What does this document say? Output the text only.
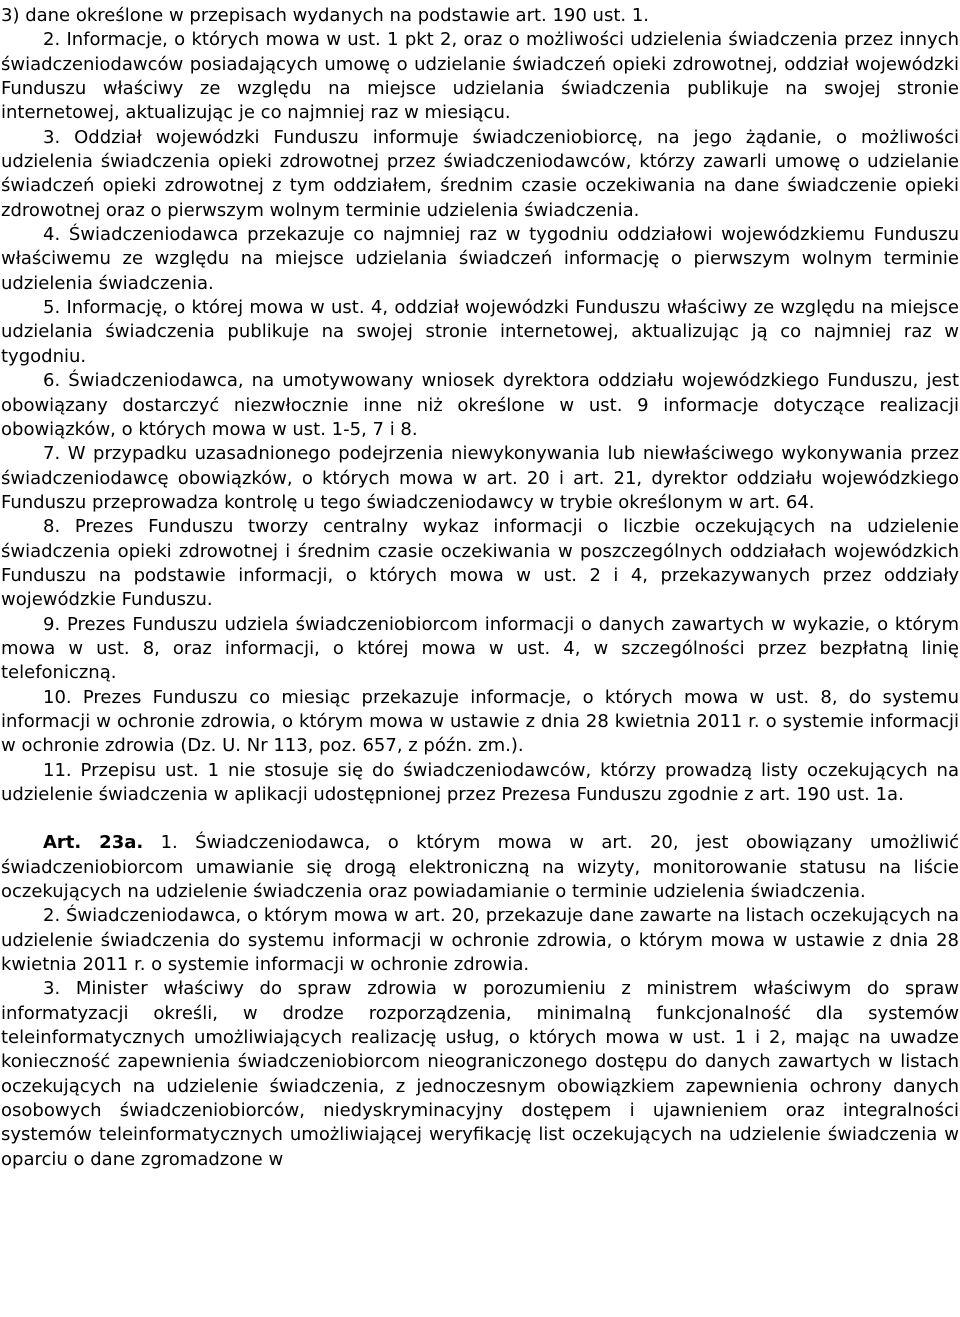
3) dane określone w przepisach wydanych na podstawie art. 190 ust. 1.

2. Informacje, o których mowa w ust. 1 pkt 2, oraz o możliwości udzielenia świadczenia przez innych świadczeniodawców posiadających umowę o udzielanie świadczeń opieki zdrowotnej, oddział wojewódzki Funduszu właściwy ze względu na miejsce udzielania świadczenia publikuje na swojej stronie internetowej, aktualizując je co najmniej raz w miesiącu.

3. Oddział wojewódzki Funduszu informuje świadczeniobiorcę, na jego żądanie, o możliwości udzielenia świadczenia opieki zdrowotnej przez świadczeniodawców, którzy zawarli umowę o udzielanie świadczeń opieki zdrowotnej z tym oddziałem, średnim czasie oczekiwania na dane świadczenie opieki zdrowotnej oraz o pierwszym wolnym terminie udzielenia świadczenia.

4. Świadczeniodawca przekazuje co najmniej raz w tygodniu oddziałowi wojewódzkiemu Funduszu właściwemu ze względu na miejsce udzielania świadczeń informację o pierwszym wolnym terminie udzielenia świadczenia.

5. Informację, o której mowa w ust. 4, oddział wojewódzki Funduszu właściwy ze względu na miejsce udzielania świadczenia publikuje na swojej stronie internetowej, aktualizując ją co najmniej raz w tygodniu.

6. Świadczeniodawca, na umotywowany wniosek dyrektora oddziału wojewódzkiego Funduszu, jest obowiązany dostarczyć niezwłocznie inne niż określone w ust. 9 informacje dotyczące realizacji obowiązków, o których mowa w ust. 1-5, 7 i 8.

7. W przypadku uzasadnionego podejrzenia niewykonywania lub niewłaściwego wykonywania przez świadczeniodawcę obowiązków, o których mowa w art. 20 i art. 21, dyrektor oddziału wojewódzkiego Funduszu przeprowadza kontrolę u tego świadczeniodawcy w trybie określonym w art. 64.

8. Prezes Funduszu tworzy centralny wykaz informacji o liczbie oczekujących na udzielenie świadczenia opieki zdrowotnej i średnim czasie oczekiwania w poszczególnych oddziałach wojewódzkich Funduszu na podstawie informacji, o których mowa w ust. 2 i 4, przekazywanych przez oddziały wojewódzkie Funduszu.

9. Prezes Funduszu udziela świadczeniobiorcom informacji o danych zawartych w wykazie, o którym mowa w ust. 8, oraz informacji, o której mowa w ust. 4, w szczególności przez bezpłatną linię telefoniczną.

10. Prezes Funduszu co miesiąc przekazuje informacje, o których mowa w ust. 8, do systemu informacji w ochronie zdrowia, o którym mowa w ustawie z dnia 28 kwietnia 2011 r. o systemie informacji w ochronie zdrowia (Dz. U. Nr 113, poz. 657, z późn. zm.).

11. Przepisu ust. 1 nie stosuje się do świadczeniodawców, którzy prowadzą listy oczekujących na udzielenie świadczenia w aplikacji udostępnionej przez Prezesa Funduszu zgodnie z art. 190 ust. 1a.

Art. 23a. 1. Świadczeniodawca, o którym mowa w art. 20, jest obowiązany umożliwić świadczeniobiorcom umawianie się drogą elektroniczną na wizyty, monitorowanie statusu na liście oczekujących na udzielenie świadczenia oraz powiadamianie o terminie udzielenia świadczenia.

2. Świadczeniodawca, o którym mowa w art. 20, przekazuje dane zawarte na listach oczekujących na udzielenie świadczenia do systemu informacji w ochronie zdrowia, o którym mowa w ustawie z dnia 28 kwietnia 2011 r. o systemie informacji w ochronie zdrowia.

3. Minister właściwy do spraw zdrowia w porozumieniu z ministrem właściwym do spraw informatyzacji określi, w drodze rozporządzenia, minimalną funkcjonalność dla systemów teleinformatycznych umożliwiających realizację usług, o których mowa w ust. 1 i 2, mając na uwadze konieczność zapewnienia świadczeniobiorcom nieograniczonego dostępu do danych zawartych w listach oczekujących na udzielenie świadczenia, z jednoczesnym obowiązkiem zapewnienia ochrony danych osobowych świadczeniobiorców, niedyskryminacyjny dostępem i ujawnieniem oraz integralności systemów teleinformatycznych umożliwiającej weryfikację list oczekujących na udzielenie świadczenia w oparciu o dane zgromadzone w
